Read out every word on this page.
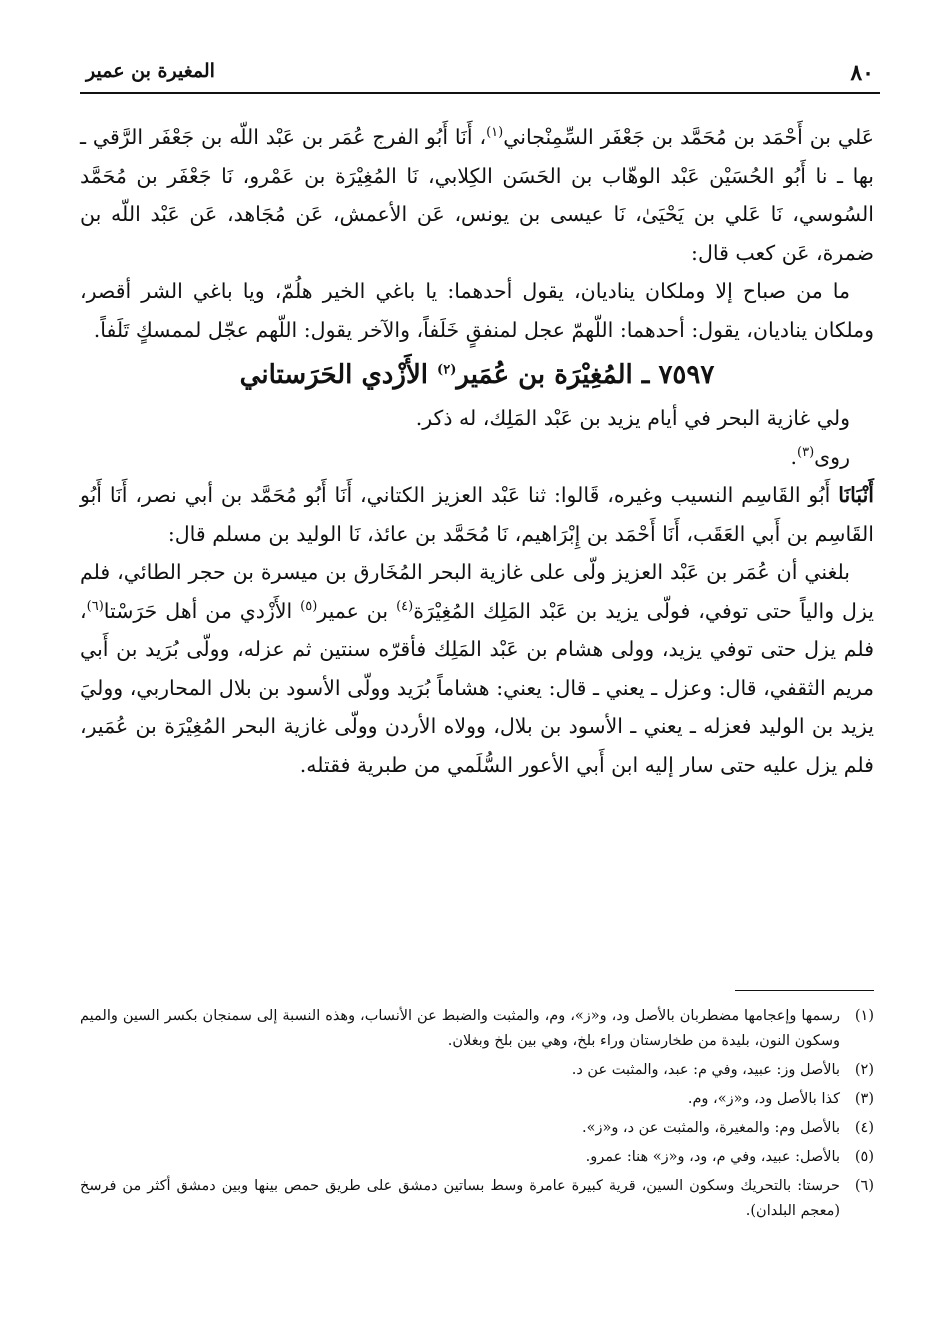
٨٠
المغيرة بن عمير

عَلي بن أَحْمَد بن مُحَمَّد بن جَعْفَر السِّمِنْجاني$^{(١)}$، أَنَا أَبُو الفرج عُمَر بن عَبْد اللّه بن جَعْفَر الرَّقي ـ بها ـ نا أَبُو الحُسَيْن عَبْد الوهّاب بن الحَسَن الكِلابي، نَا المُغِيْرَة بن عَمْرو، نَا جَعْفَر بن مُحَمَّد السُوسي، نَا عَلي بن يَحْيَىٰ، نَا عيسى بن يونس، عَن الأعمش، عَن مُجَاهد، عَن عَبْد اللّه بن ضمرة، عَن كعب قال:

ما من صباح إلا وملكان يناديان، يقول أحدهما: يا باغي الخير هلُمّ، ويا باغي الشر أقصر، وملكان يناديان، يقول: أحدهما: اللّهمّ عجل لمنفقٍ خَلَفاً، والآخر يقول: اللّهم عجّل لممسكٍ تَلَفاً.

٧٥٩٧ ـ المُغِيْرَة بن عُمَير$^{(٢)}$ الأَزْدي الحَرَستاني

ولي غازية البحر في أيام يزيد بن عَبْد المَلِك، له ذكر.

روى$^{(٣)}$.

أَنْبَانَا أَبُو القَاسِم النسيب وغيره، قَالوا: ثنا عَبْد العزيز الكتاني، أَنَا أَبُو مُحَمَّد بن أبي نصر، أَنَا أَبُو القَاسِم بن أَبي العَقَب، أَنَا أَحْمَد بن إِبْرَاهيم، نَا مُحَمَّد بن عائذ، نَا الوليد بن مسلم قال:

بلغني أن عُمَر بن عَبْد العزيز ولّى على غازية البحر المُخَارق بن ميسرة بن حجر الطائي، فلم يزل والياً حتى توفي، فولّى يزيد بن عَبْد المَلِك المُغِيْرَة$^{(٤)}$ بن عمير$^{(٥)}$ الأَزْدي من أهل حَرَسْتا$^{(٦)}$، فلم يزل حتى توفي يزيد، وولى هشام بن عَبْد المَلِك فأقرّه سنتين ثم عزله، وولّى بُرَيد بن أَبي مريم الثقفي، قال: وعزل ـ يعني ـ قال: يعني: هشاماً بُرَيد وولّى الأسود بن بلال المحاربي، ووليَ يزيد بن الوليد فعزله ـ يعني ـ الأسود بن بلال، وولاه الأردن وولّى غازية البحر المُغِيْرَة بن عُمَير، فلم يزل عليه حتى سار إليه ابن أَبي الأعور السُّلَمي من طبرية فقتله.

(١)
رسمها وإعجامها مضطربان بالأصل ود، و«ز»، وم، والمثبت والضبط عن الأنساب، وهذه النسبة إلى سمنجان بكسر السين والميم وسكون النون، بليدة من طخارستان وراء بلخ، وهي بين بلخ وبغلان.
(٢)
بالأصل وز: عبيد، وفي م: عبد، والمثبت عن د.
(٣)
كذا بالأصل ود، و«ز»، وم.
(٤)
بالأصل وم: والمغيرة، والمثبت عن د، و«ز».
(٥)
بالأصل: عبيد، وفي م، ود، و«ز» هنا: عمرو.
(٦)
حرستا: بالتحريك وسكون السين، قرية كبيرة عامرة وسط بساتين دمشق على طريق حمص بينها وبين دمشق أكثر من فرسخ (معجم البلدان).
